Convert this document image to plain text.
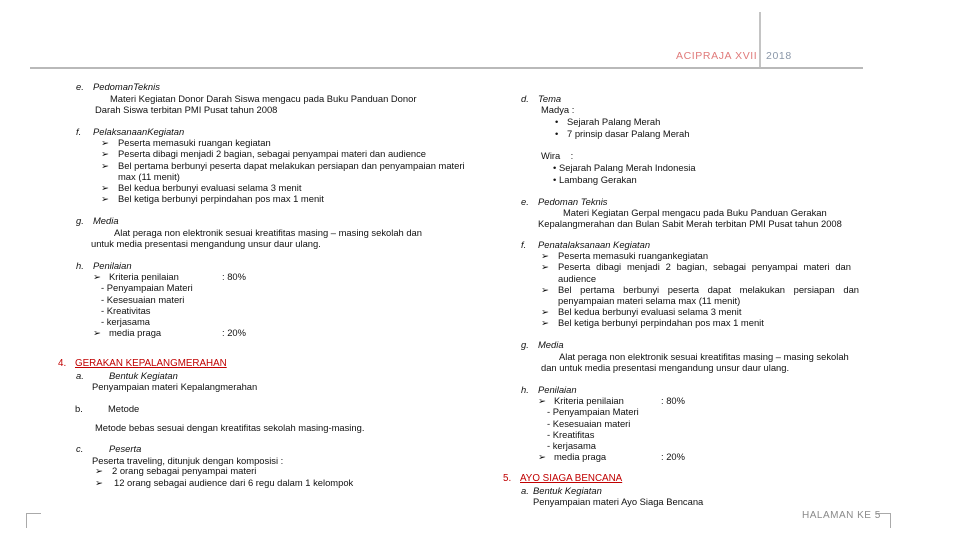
ACIPRAJA XVII 2018
e. PedomanTeknis
Materi Kegiatan Donor Darah Siswa mengacu pada Buku Panduan Donor
Darah Siswa terbitan PMI Pusat tahun 2008
f. PelaksanaanKegiatan
➢ Peserta memasuki ruangan kegiatan
➢ Peserta dibagi menjadi 2 bagian, sebagai penyampai materi dan audience
➢ Bel pertama berbunyi peserta dapat melakukan persiapan dan penyampaian materi
max (11 menit)
➢ Bel kedua berbunyi evaluasi selama 3 menit
➢ Bel ketiga berbunyi perpindahan pos max 1 menit
g. Media
Alat peraga non elektronik sesuai kreatifitas masing – masing sekolah dan
untuk media presentasi mengandung unsur daur ulang.
h. Penilaian
➢ Kriteria penilaian	: 80%
- Penyampaian Materi
- Kesesuaian materi
- Kreativitas
- kerjasama
➢ media praga	: 20%
4. GERAKAN KEPALANGMERAHAN
a.	Bentuk Kegiatan
Penyampaian materi Kepalangmerahan
b.	Metode
Metode bebas sesuai dengan kreatifitas sekolah masing-masing.
c.	Peserta
Peserta traveling, ditunjuk dengan komposisi :
➢ 2 orang sebagai penyampai materi
➢ 12 orang sebagai audience dari 6 regu dalam 1 kelompok
d. Tema
Madya :
• Sejarah Palang Merah
• 7 prinsip dasar Palang Merah
Wira    :
• Sejarah Palang Merah Indonesia
• Lambang Gerakan
e. Pedoman Teknis
Materi Kegiatan Gerpal mengacu pada Buku Panduan Gerakan
Kepalangmerahan dan Bulan Sabit Merah terbitan PMI Pusat tahun 2008
f. Penatalaksanaan Kegiatan
➢ Peserta memasuki ruangankegiatan
➢ Peserta dibagi menjadi 2 bagian, sebagai penyampai materi dan
audience
➢ Bel pertama berbunyi peserta dapat melakukan persiapan dan
penyampaian materi selama max (11 menit)
➢ Bel kedua berbunyi evaluasi selama 3 menit
➢ Bel ketiga berbunyi perpindahan pos max 1 menit
g. Media
Alat peraga non elektronik sesuai kreatifitas masing – masing sekolah
dan untuk media presentasi mengandung unsur daur ulang.
h. Penilaian
➢ Kriteria penilaian	: 80%
- Penyampaian Materi
- Kesesuaian materi
- Kreatifitas
- kerjasama
➢ media praga	: 20%
5. AYO SIAGA BENCANA
a. Bentuk Kegiatan
Penyampaian materi Ayo Siaga Bencana
HALAMAN KE 5
